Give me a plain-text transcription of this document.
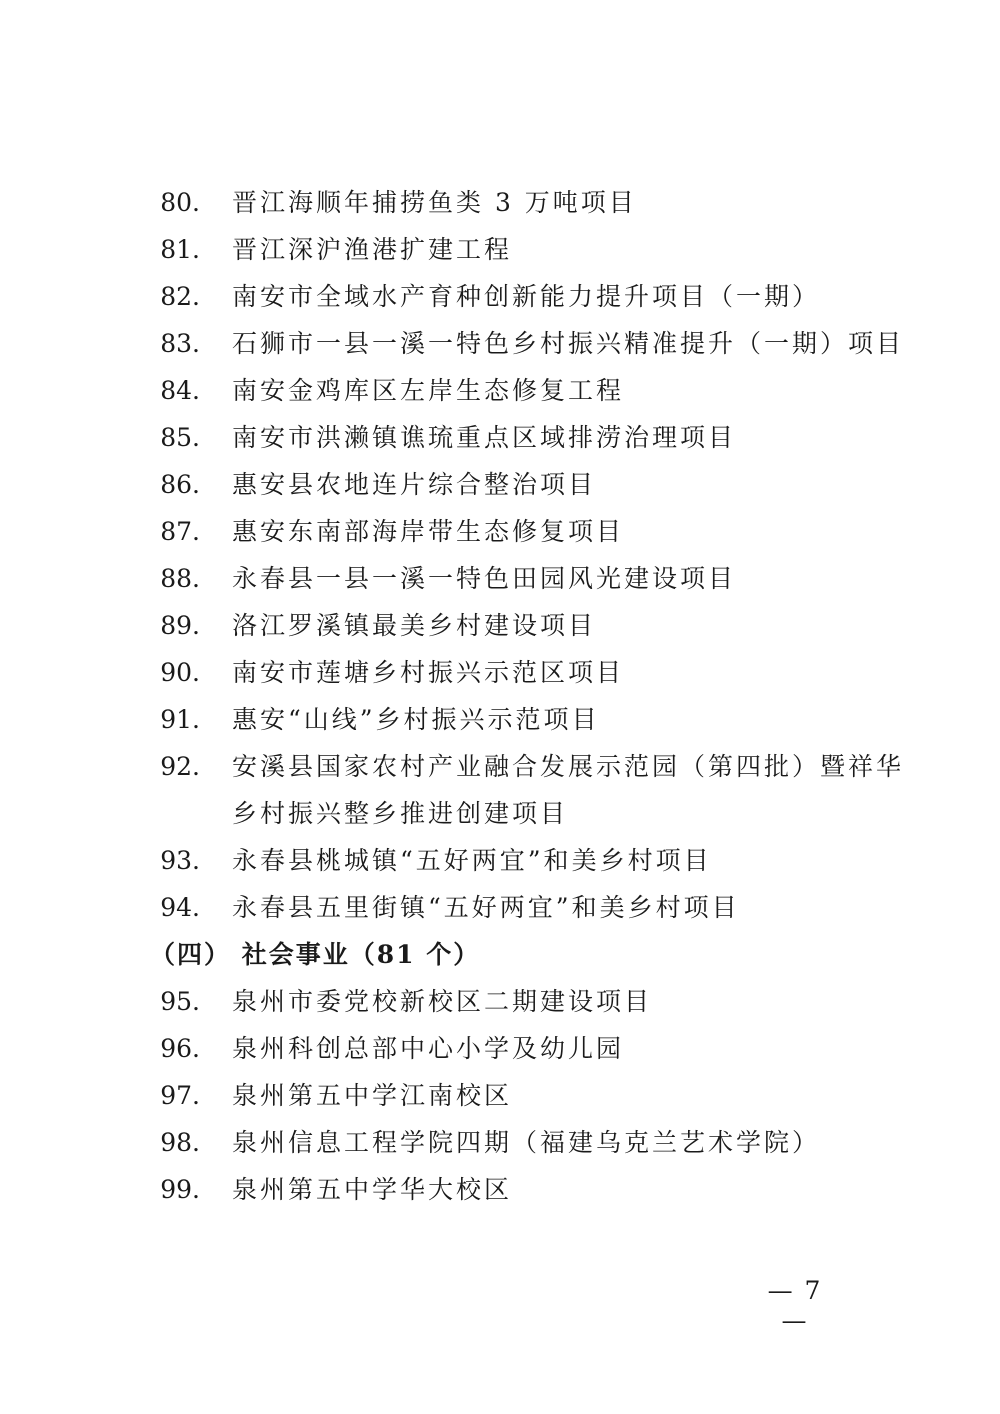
80. 晋江海顺年捕捞鱼类 3 万吨项目
81. 晋江深沪渔港扩建工程
82. 南安市全域水产育种创新能力提升项目（一期）
83. 石狮市一县一溪一特色乡村振兴精准提升（一期）项目
84. 南安金鸡库区左岸生态修复工程
85. 南安市洪濑镇谯琉重点区域排涝治理项目
86. 惠安县农地连片综合整治项目
87. 惠安东南部海岸带生态修复项目
88. 永春县一县一溪一特色田园风光建设项目
89. 洛江罗溪镇最美乡村建设项目
90. 南安市莲塘乡村振兴示范区项目
91. 惠安“山线”乡村振兴示范项目
92. 安溪县国家农村产业融合发展示范园（第四批）暨祥华
乡村振兴整乡推进创建项目
93. 永春县桃城镇“五好两宜”和美乡村项目
94. 永春县五里街镇“五好两宜”和美乡村项目
（四） 社会事业（81 个）
95. 泉州市委党校新校区二期建设项目
96. 泉州科创总部中心小学及幼儿园
97. 泉州第五中学江南校区
98. 泉州信息工程学院四期（福建乌克兰艺术学院）
99. 泉州第五中学华大校区
— 7 —
